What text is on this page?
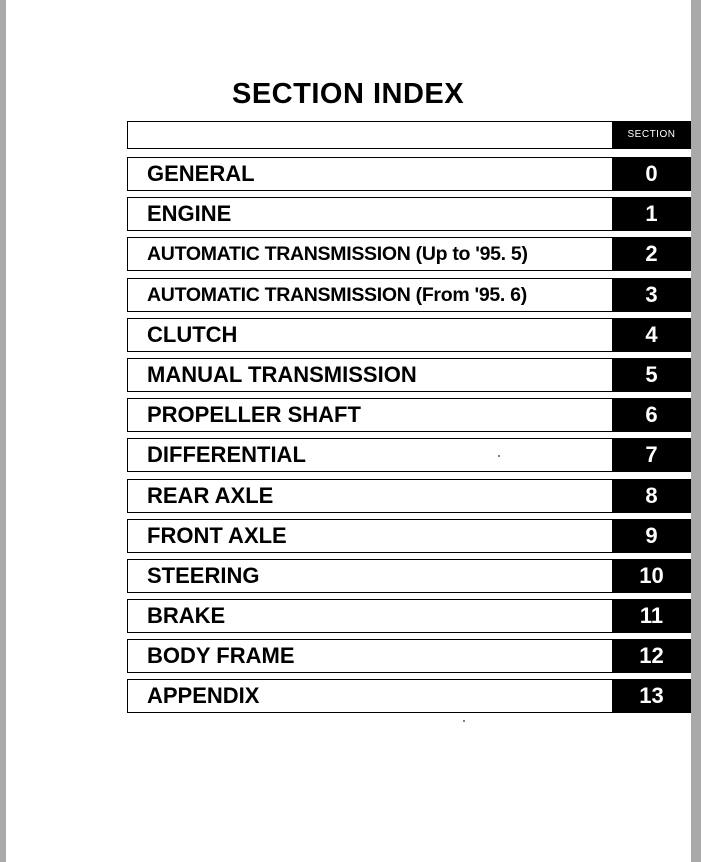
SECTION INDEX
SECTION
GENERAL	0
ENGINE	1
AUTOMATIC TRANSMISSION (Up to '95. 5)	2
AUTOMATIC TRANSMISSION (From '95. 6)	3
CLUTCH	4
MANUAL TRANSMISSION	5
PROPELLER SHAFT	6
DIFFERENTIAL	7
REAR AXLE	8
FRONT AXLE	9
STEERING	10
BRAKE	11
BODY FRAME	12
APPENDIX	13
